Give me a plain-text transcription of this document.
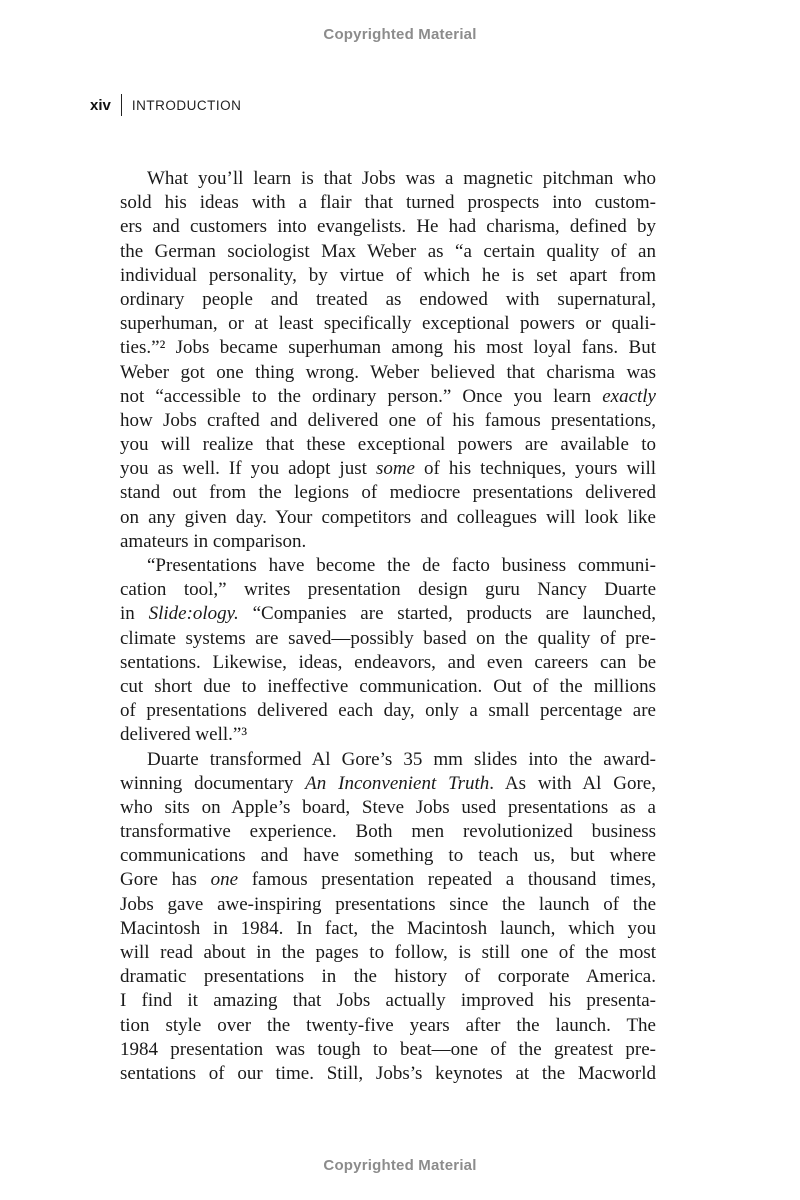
Copyrighted Material
xiv INTRODUCTION
What you’ll learn is that Jobs was a magnetic pitchman who
sold his ideas with a flair that turned prospects into custom-
ers and customers into evangelists. He had charisma, defined by
the German sociologist Max Weber as “a certain quality of an
individual personality, by virtue of which he is set apart from
ordinary people and treated as endowed with supernatural,
superhuman, or at least specifically exceptional powers or quali-
ties.”² Jobs became superhuman among his most loyal fans. But
Weber got one thing wrong. Weber believed that charisma was
not “accessible to the ordinary person.” Once you learn exactly
how Jobs crafted and delivered one of his famous presentations,
you will realize that these exceptional powers are available to
you as well. If you adopt just some of his techniques, yours will
stand out from the legions of mediocre presentations delivered
on any given day. Your competitors and colleagues will look like
amateurs in comparison.
“Presentations have become the de facto business communi-
cation tool,” writes presentation design guru Nancy Duarte
in Slide:ology. “Companies are started, products are launched,
climate systems are saved—possibly based on the quality of pre-
sentations. Likewise, ideas, endeavors, and even careers can be
cut short due to ineffective communication. Out of the millions
of presentations delivered each day, only a small percentage are
delivered well.”³
Duarte transformed Al Gore’s 35 mm slides into the award-
winning documentary An Inconvenient Truth. As with Al Gore,
who sits on Apple’s board, Steve Jobs used presentations as a
transformative experience. Both men revolutionized business
communications and have something to teach us, but where
Gore has one famous presentation repeated a thousand times,
Jobs gave awe-inspiring presentations since the launch of the
Macintosh in 1984. In fact, the Macintosh launch, which you
will read about in the pages to follow, is still one of the most
dramatic presentations in the history of corporate America.
I find it amazing that Jobs actually improved his presenta-
tion style over the twenty-five years after the launch. The
1984 presentation was tough to beat—one of the greatest pre-
sentations of our time. Still, Jobs’s keynotes at the Macworld
Copyrighted Material
